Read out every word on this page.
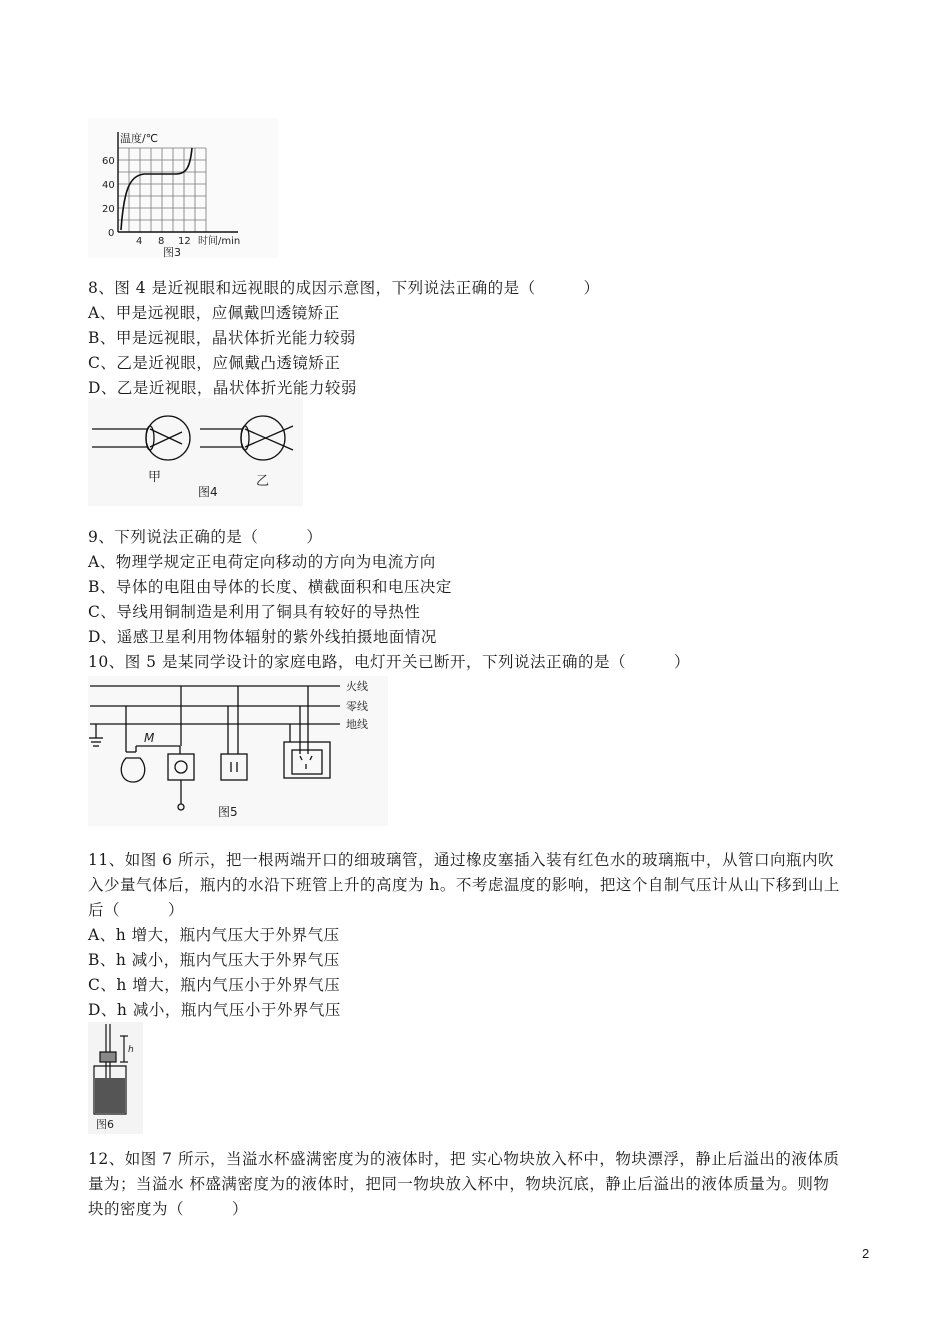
温度/℃
60
40
20
0
4 8 12 时间/min
图3
8、图 4 是近视眼和远视眼的成因示意图，下列说法正确的是（　　　）
A、甲是远视眼，应佩戴凹透镜矫正
B、甲是远视眼，晶状体折光能力较弱
C、乙是近视眼，应佩戴凸透镜矫正
D、乙是近视眼，晶状体折光能力较弱
甲	乙
图4
9、下列说法正确的是（　　　）
A、物理学规定正电荷定向移动的方向为电流方向
B、导体的电阻由导体的长度、横截面积和电压决定
C、导线用铜制造是利用了铜具有较好的导热性
D、遥感卫星利用物体辐射的紫外线拍摄地面情况
10、图 5 是某同学设计的家庭电路，电灯开关已断开，下列说法正确的是（　　　）
火线
零线
地线
M
图5
11、如图 6 所示，把一根两端开口的细玻璃管，通过橡皮塞插入装有红色水的玻璃瓶中，从管口向瓶内吹
入少量气体后，瓶内的水沿下班管上升的高度为 h。不考虑温度的影响，把这个自制气压计从山下移到山上
后（　　　）
A、h 增大，瓶内气压大于外界气压
B、h 减小，瓶内气压大于外界气压
C、h 增大，瓶内气压小于外界气压
D、h 减小，瓶内气压小于外界气压
h
图6
12、如图 7 所示，当溢水杯盛满密度为的液体时，把 实心物块放入杯中，物块漂浮，静止后溢出的液体质
量为；当溢水 杯盛满密度为的液体时，把同一物块放入杯中，物块沉底，静止后溢出的液体质量为。则物
块的密度为（　　　）
2
